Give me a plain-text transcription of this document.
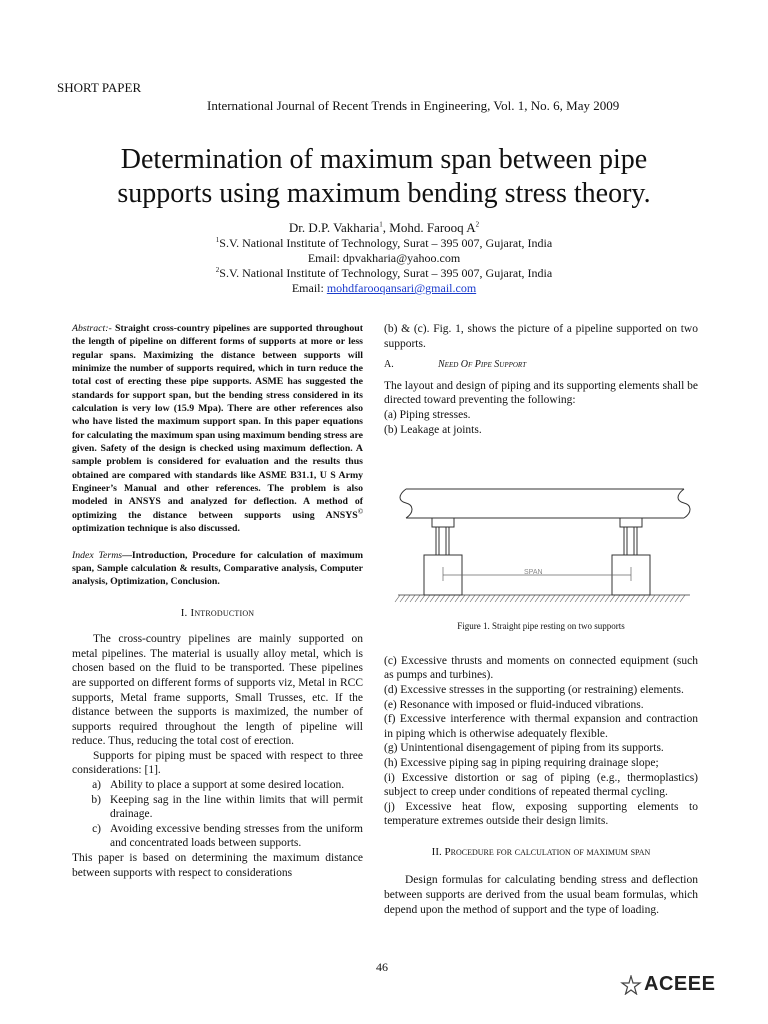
SHORT PAPER
International Journal of Recent Trends in Engineering, Vol. 1, No. 6, May 2009
Determination of maximum span between pipe
supports using maximum bending stress theory.
Dr. D.P. Vakharia$^1$, Mohd. Farooq $A^2$
$^1$S.V. National Institute of Technology, Surat – 395 007, Gujarat, India
Email: dpvakharia@yahoo.com
$^2$S.V. National Institute of Technology, Surat – 395 007, Gujarat, India
Email: mohdfarooqansari@gmail.com
Abstract:- Straight cross-country pipelines are supported throughout the length of pipeline on different forms of supports at more or less regular spans. Maximizing the distance between supports will minimize the number of supports required, which in turn reduce the total cost of erecting these pipe supports. ASME has suggested the standards for support span, but the bending stress considered in its calculation is very low (15.9 Mpa). There are other references also who have listed the maximum support span. In this paper equations for calculating the maximum span using maximum bending stress are given. Safety of the design is checked using maximum deflection. A sample problem is considered for evaluation and the results thus obtained are compared with standards like ASME B31.1, U S Army Engineer’s Manual and other references. The problem is also modeled in ANSYS and analyzed for deflection. A method of optimizing the distance between supports using ANSYS© optimization technique is also discussed.
Index Terms—Introduction, Procedure for calculation of maximum span, Sample calculation & results, Comparative analysis, Computer analysis, Optimization, Conclusion.
I. Introduction

The cross-country pipelines are mainly supported on metal pipelines. The material is usually alloy metal, which is chosen based on the fluid to be transported. These pipelines are supported on different forms of supports viz, Metal in RCC supports, Metal frame supports, Small Trusses, etc. If the distance between the supports is maximized, the number of supports required throughout the length of pipeline will reduce. Thus, reducing the total cost of erection.

Supports for piping must be spaced with respect to three considerations: [1].

a) Ability to place a support at some desired location.
b) Keeping sag in the line within limits that will permit drainage.
c) Avoiding excessive bending stresses from the uniform and concentrated loads between supports.

This paper is based on determining the maximum distance between supports with respect to considerations

(b) & (c). Fig. 1, shows the picture of a pipeline supported on two supports.
A.	Need Of Pipe Support
The layout and design of piping and its supporting elements shall be directed toward preventing the following:
(a) Piping stresses.
(b) Leakage at joints.
SPAN
Figure 1. Straight pipe resting on two supports
(c) Excessive thrusts and moments on connected equipment (such as pumps and turbines).
(d) Excessive stresses in the supporting (or restraining) elements.
(e) Resonance with imposed or fluid-induced vibrations.
(f) Excessive interference with thermal expansion and contraction in piping which is otherwise adequately flexible.
(g) Unintentional disengagement of piping from its supports.
(h) Excessive piping sag in piping requiring drainage slope;
(i) Excessive distortion or sag of piping (e.g., thermoplastics) subject to creep under conditions of repeated thermal cycling.
(j) Excessive heat flow, exposing supporting elements to temperature extremes outside their design limits.
II. Procedure for calculation of maximum span

Design formulas for calculating bending stress and deflection between supports are derived from the usual beam formulas, which depend upon the method of support and the type of loading.

46
ACEEE
